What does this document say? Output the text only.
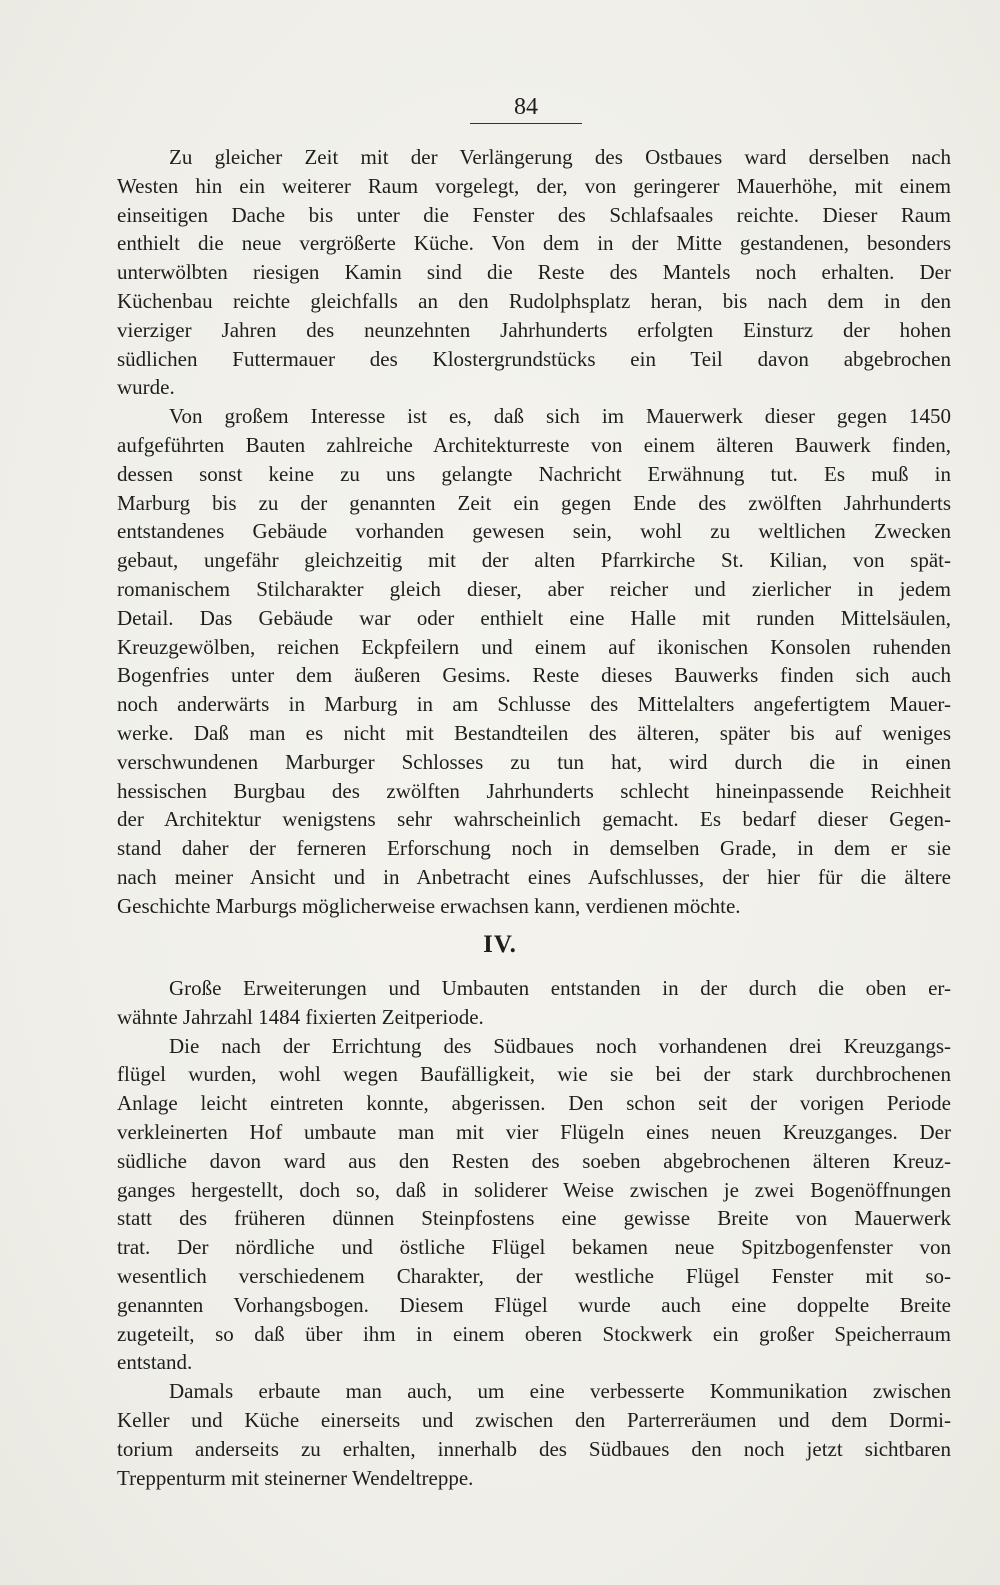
84
Zu gleicher Zeit mit der Verlängerung des Ostbaues ward derselben nach
Westen hin ein weiterer Raum vorgelegt, der, von geringerer Mauerhöhe, mit einem
einseitigen Dache bis unter die Fenster des Schlafsaales reichte. Dieser Raum
enthielt die neue vergrößerte Küche. Von dem in der Mitte gestandenen, besonders
unterwölbten riesigen Kamin sind die Reste des Mantels noch erhalten. Der
Küchenbau reichte gleichfalls an den Rudolphsplatz heran, bis nach dem in den
vierziger Jahren des neunzehnten Jahrhunderts erfolgten Einsturz der hohen
südlichen Futtermauer des Klostergrundstücks ein Teil davon abgebrochen
wurde.
Von großem Interesse ist es, daß sich im Mauerwerk dieser gegen 1450
aufgeführten Bauten zahlreiche Architekturreste von einem älteren Bauwerk finden,
dessen sonst keine zu uns gelangte Nachricht Erwähnung tut. Es muß in
Marburg bis zu der genannten Zeit ein gegen Ende des zwölften Jahrhunderts
entstandenes Gebäude vorhanden gewesen sein, wohl zu weltlichen Zwecken
gebaut, ungefähr gleichzeitig mit der alten Pfarrkirche St. Kilian, von spät-
romanischem Stilcharakter gleich dieser, aber reicher und zierlicher in jedem
Detail. Das Gebäude war oder enthielt eine Halle mit runden Mittelsäulen,
Kreuzgewölben, reichen Eckpfeilern und einem auf ikonischen Konsolen ruhenden
Bogenfries unter dem äußeren Gesims. Reste dieses Bauwerks finden sich auch
noch anderwärts in Marburg in am Schlusse des Mittelalters angefertigtem Mauer-
werke. Daß man es nicht mit Bestandteilen des älteren, später bis auf weniges
verschwundenen Marburger Schlosses zu tun hat, wird durch die in einen
hessischen Burgbau des zwölften Jahrhunderts schlecht hineinpassende Reichheit
der Architektur wenigstens sehr wahrscheinlich gemacht. Es bedarf dieser Gegen-
stand daher der ferneren Erforschung noch in demselben Grade, in dem er sie
nach meiner Ansicht und in Anbetracht eines Aufschlusses, der hier für die ältere
Geschichte Marburgs möglicherweise erwachsen kann, verdienen möchte.
IV.
Große Erweiterungen und Umbauten entstanden in der durch die oben er-
wähnte Jahrzahl 1484 fixierten Zeitperiode.
Die nach der Errichtung des Südbaues noch vorhandenen drei Kreuzgangs-
flügel wurden, wohl wegen Baufälligkeit, wie sie bei der stark durchbrochenen
Anlage leicht eintreten konnte, abgerissen. Den schon seit der vorigen Periode
verkleinerten Hof umbaute man mit vier Flügeln eines neuen Kreuzganges. Der
südliche davon ward aus den Resten des soeben abgebrochenen älteren Kreuz-
ganges hergestellt, doch so, daß in soliderer Weise zwischen je zwei Bogenöffnungen
statt des früheren dünnen Steinpfostens eine gewisse Breite von Mauerwerk
trat. Der nördliche und östliche Flügel bekamen neue Spitzbogenfenster von
wesentlich verschiedenem Charakter, der westliche Flügel Fenster mit so-
genannten Vorhangsbogen. Diesem Flügel wurde auch eine doppelte Breite
zugeteilt, so daß über ihm in einem oberen Stockwerk ein großer Speicherraum
entstand.
Damals erbaute man auch, um eine verbesserte Kommunikation zwischen
Keller und Küche einerseits und zwischen den Parterreräumen und dem Dormi-
torium anderseits zu erhalten, innerhalb des Südbaues den noch jetzt sichtbaren
Treppenturm mit steinerner Wendeltreppe.
